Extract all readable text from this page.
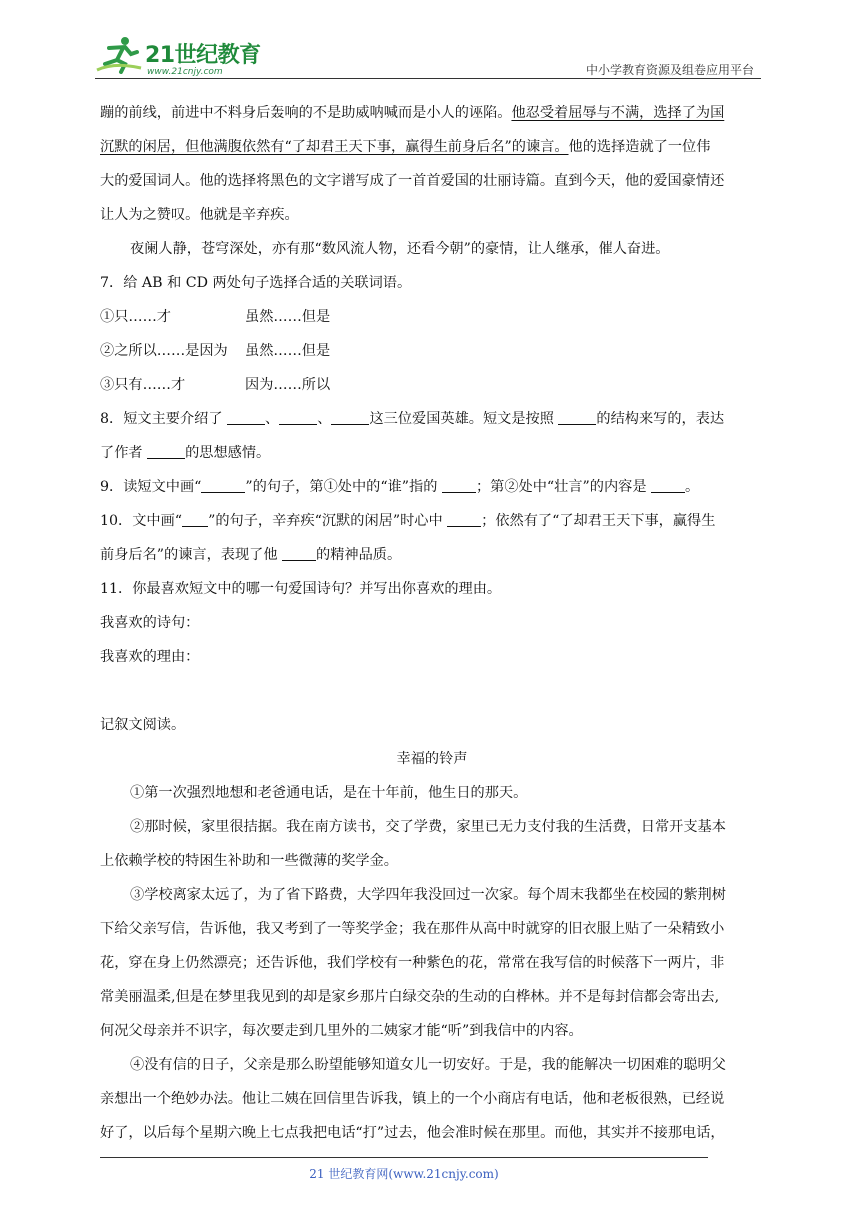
21世纪教育
www.21cnjy.com	中小学教育资源及组卷应用平台
蹦的前线，前进中不料身后轰响的不是助威呐喊而是小人的诬陷。他忍受着屈辱与不满，选择了为国
沉默的闲居，但他满腹依然有“了却君王天下事，赢得生前身后名”的谏言。他的选择造就了一位伟
大的爱国词人。他的选择将黑色的文字谱写成了一首首爱国的壮丽诗篇。直到今天，他的爱国豪情还
让人为之赞叹。他就是辛弃疾。
夜阑人静，苍穹深处，亦有那“数风流人物，还看今朝”的豪情，让人继承，催人奋进。
7．给 AB 和 CD 两处句子选择合适的关联词语。
①只……才	虽然……但是
②之所以……是因为 虽然……但是
③只有……才	因为……所以
8．短文主要介绍了	、	、	这三位爱国英雄。短文是按照	的结构来写的，表达
了作者	的思想感情。
9．读短文中画“	”的句子，第①处中的“谁”指的 ；第②处中“壮言”的内容是 。
10．文中画“ ”的句子，辛弃疾“沉默的闲居”时心中 ；依然有了“了却君王天下事，赢得生
前身后名”的谏言，表现了他 的精神品质。
11．你最喜欢短文中的哪一句爱国诗句？并写出你喜欢的理由。
我喜欢的诗句：
我喜欢的理由：
记叙文阅读。
幸福的铃声
①第一次强烈地想和老爸通电话，是在十年前，他生日的那天。
②那时候，家里很拮据。我在南方读书，交了学费，家里已无力支付我的生活费，日常开支基本
上依赖学校的特困生补助和一些微薄的奖学金。
③学校离家太远了，为了省下路费，大学四年我没回过一次家。每个周末我都坐在校园的紫荆树
下给父亲写信，告诉他，我又考到了一等奖学金；我在那件从高中时就穿的旧衣服上贴了一朵精致小
花，穿在身上仍然漂亮；还告诉他，我们学校有一种紫色的花，常常在我写信的时候落下一两片，非
常美丽温柔,但是在梦里我见到的却是家乡那片白绿交杂的生动的白桦林。并不是每封信都会寄出去,
何况父母亲并不识字，每次要走到几里外的二姨家才能“听”到我信中的内容。
④没有信的日子，父亲是那么盼望能够知道女儿一切安好。于是，我的能解决一切困难的聪明父
亲想出一个绝妙办法。他让二姨在回信里告诉我，镇上的一个小商店有电话，他和老板很熟，已经说
好了，以后每个星期六晚上七点我把电话“打”过去，他会准时候在那里。而他，其实并不接那电话，
21 世纪教育网(www.21cnjy.com)
